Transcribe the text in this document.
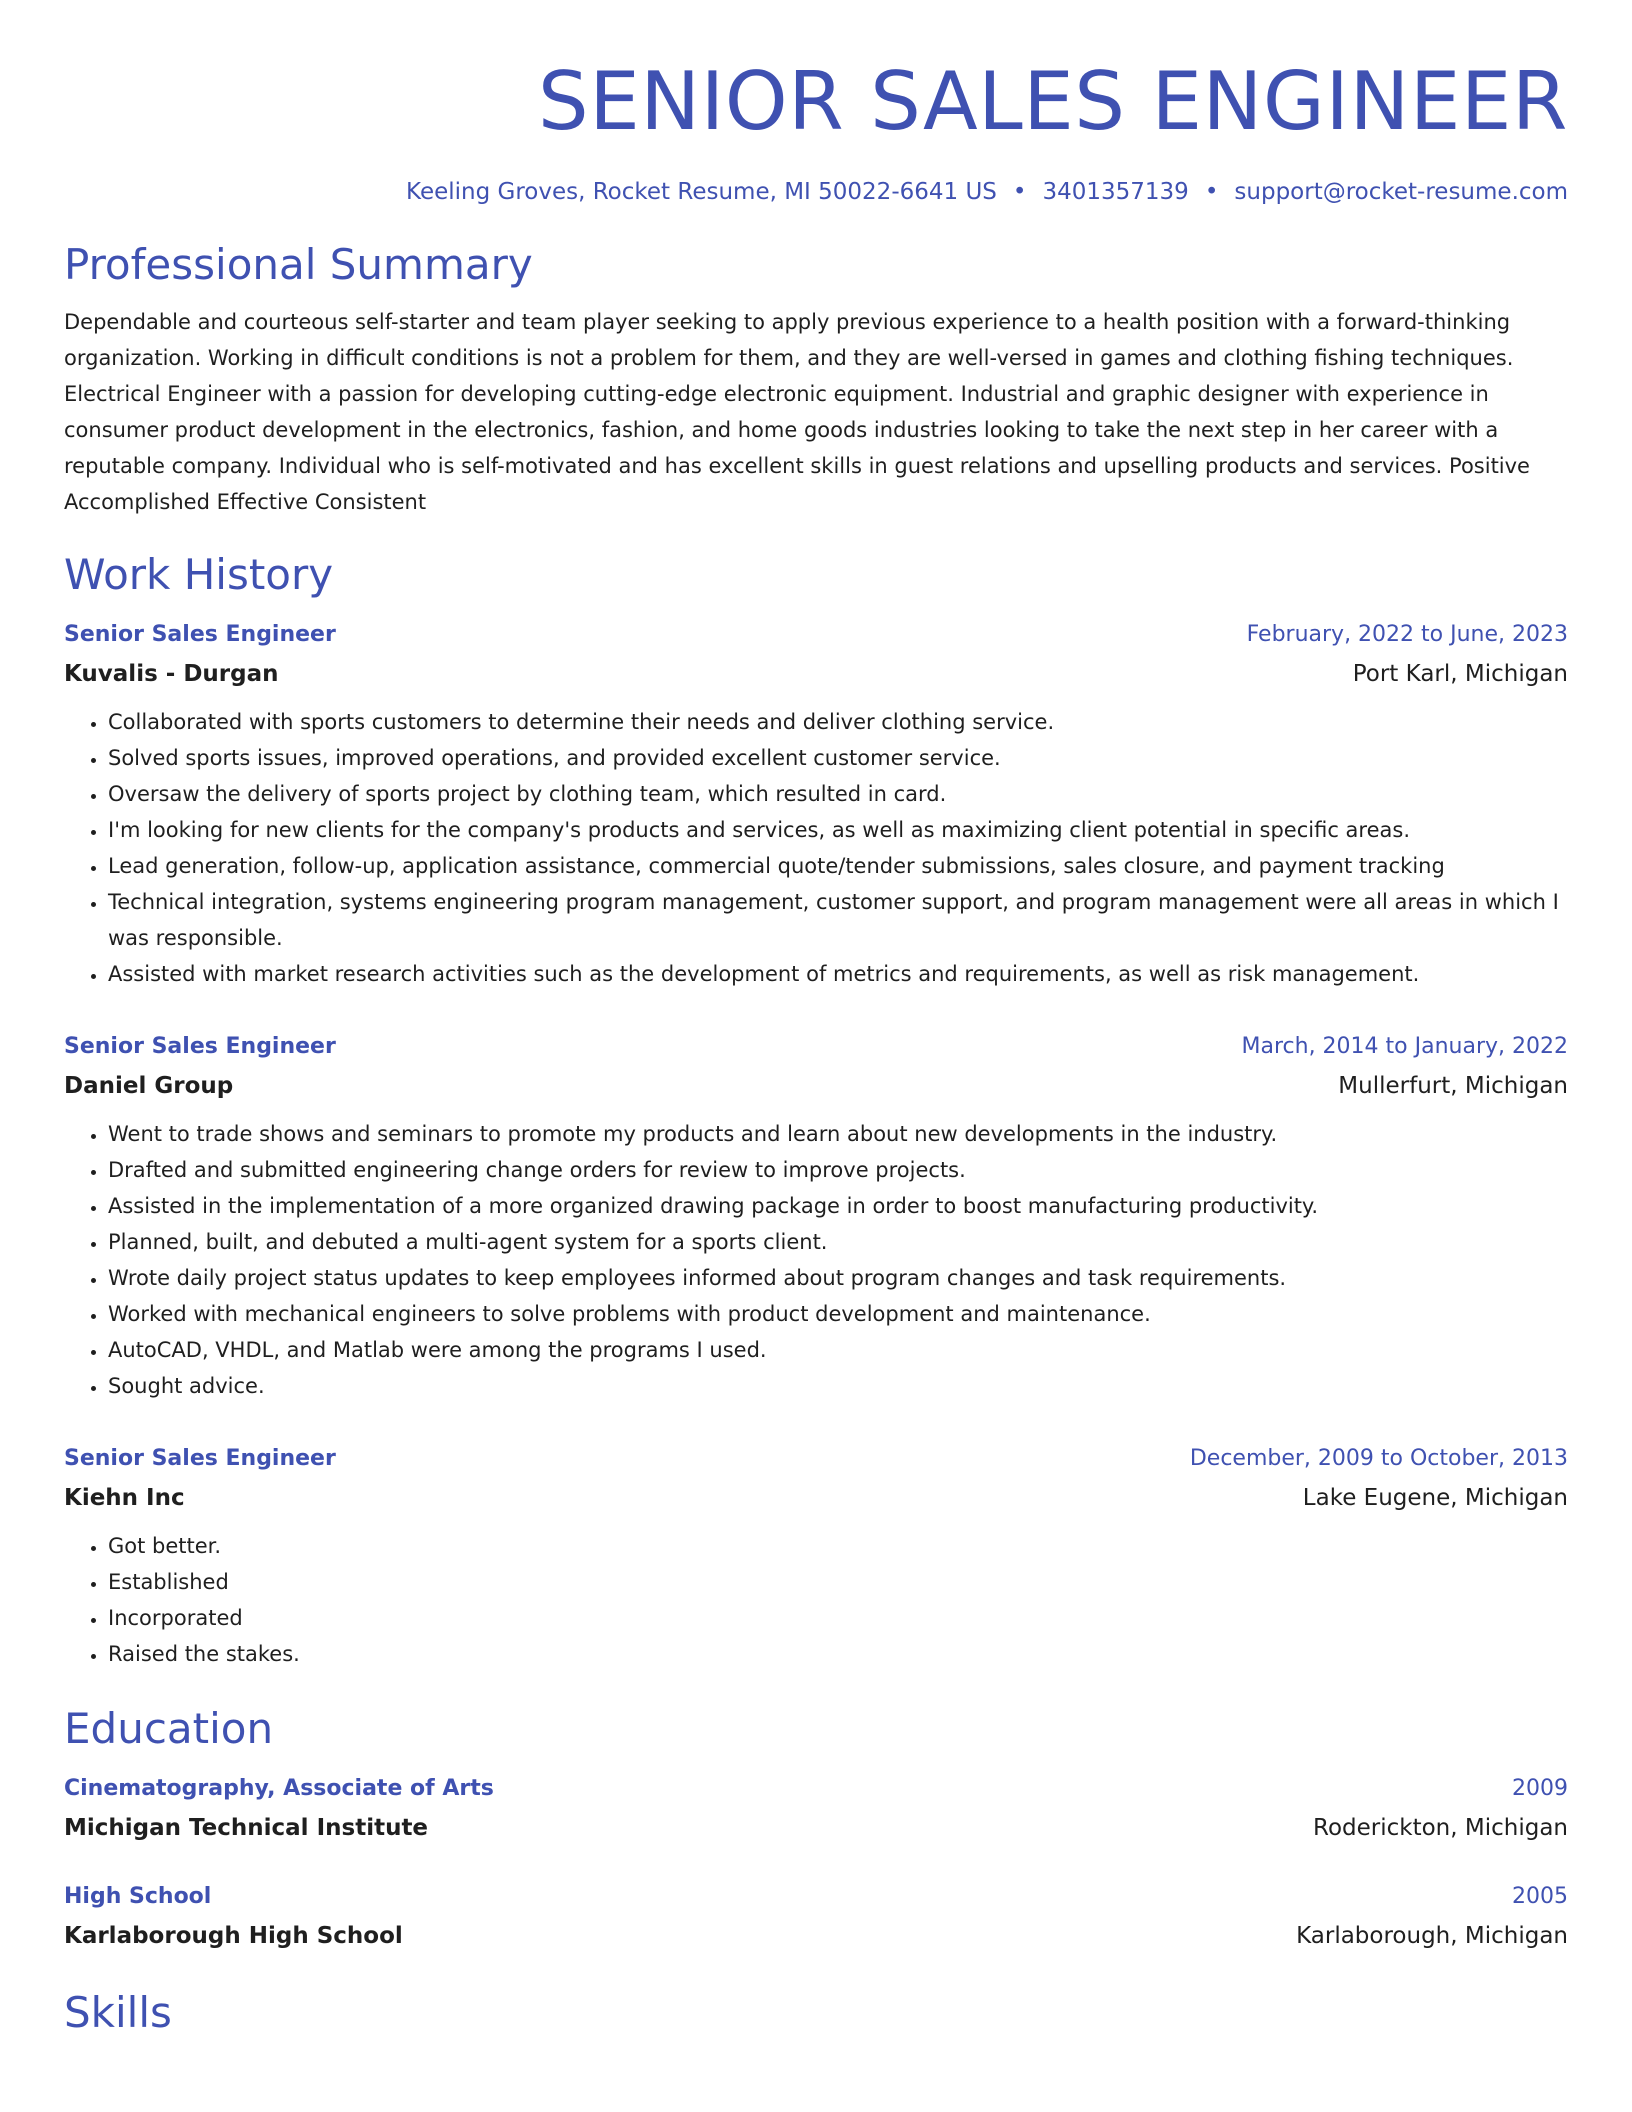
SENIOR SALES ENGINEER
Keeling Groves, Rocket Resume, MI 50022-6641 US • 3401357139 • support@rocket-resume.com
Professional Summary
Dependable and courteous self-starter and team player seeking to apply previous experience to a health position with a forward-thinking organization. Working in difficult conditions is not a problem for them, and they are well-versed in games and clothing fishing techniques. Electrical Engineer with a passion for developing cutting-edge electronic equipment. Industrial and graphic designer with experience in consumer product development in the electronics, fashion, and home goods industries looking to take the next step in her career with a reputable company. Individual who is self-motivated and has excellent skills in guest relations and upselling products and services. Positive Accomplished Effective Consistent
Work History
Senior Sales Engineer	February, 2022 to June, 2023
Kuvalis - Durgan	Port Karl, Michigan
• Collaborated with sports customers to determine their needs and deliver clothing service.
• Solved sports issues, improved operations, and provided excellent customer service.
• Oversaw the delivery of sports project by clothing team, which resulted in card.
• I'm looking for new clients for the company's products and services, as well as maximizing client potential in specific areas.
• Lead generation, follow-up, application assistance, commercial quote/tender submissions, sales closure, and payment tracking
• Technical integration, systems engineering program management, customer support, and program management were all areas in which I was responsible.
• Assisted with market research activities such as the development of metrics and requirements, as well as risk management.
Senior Sales Engineer	March, 2014 to January, 2022
Daniel Group	Mullerfurt, Michigan
• Went to trade shows and seminars to promote my products and learn about new developments in the industry.
• Drafted and submitted engineering change orders for review to improve projects.
• Assisted in the implementation of a more organized drawing package in order to boost manufacturing productivity.
• Planned, built, and debuted a multi-agent system for a sports client.
• Wrote daily project status updates to keep employees informed about program changes and task requirements.
• Worked with mechanical engineers to solve problems with product development and maintenance.
• AutoCAD, VHDL, and Matlab were among the programs I used.
• Sought advice.
Senior Sales Engineer	December, 2009 to October, 2013
Kiehn Inc	Lake Eugene, Michigan
• Got better.
• Established
• Incorporated
• Raised the stakes.
Education
Cinematography, Associate of Arts	2009
Michigan Technical Institute	Roderickton, Michigan
High School	2005
Karlaborough High School	Karlaborough, Michigan
Skills
